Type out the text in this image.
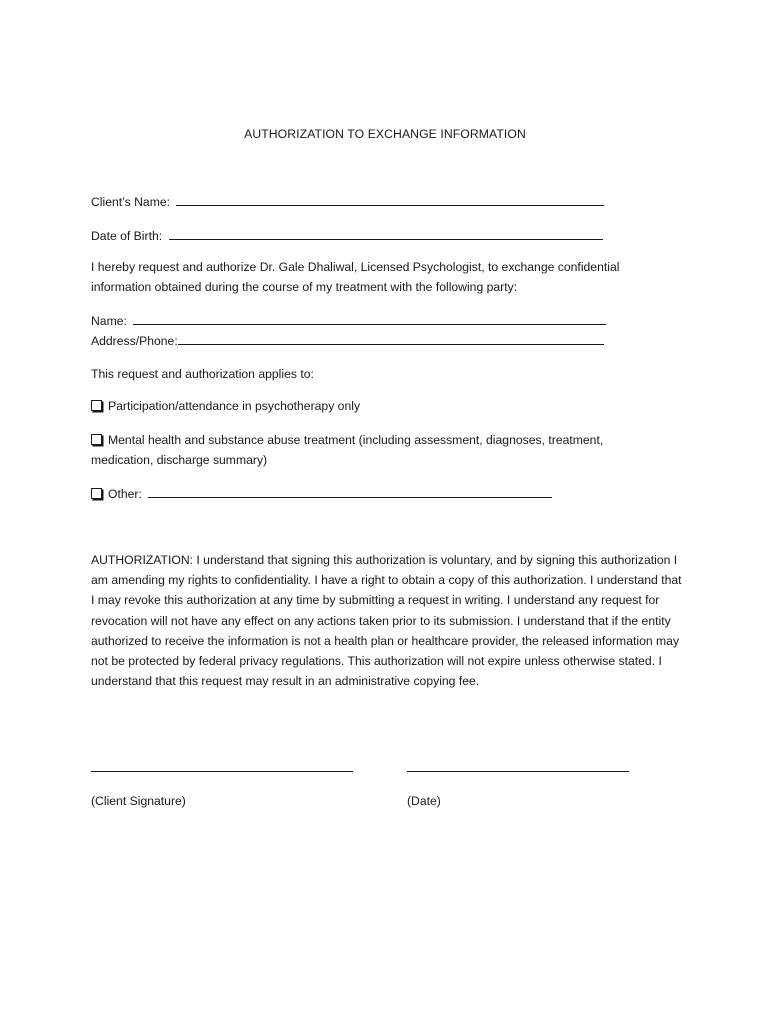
AUTHORIZATION TO EXCHANGE INFORMATION
Client’s Name:
Date of Birth:
I hereby request and authorize Dr. Gale Dhaliwal, Licensed Psychologist, to exchange confidential information obtained during the course of my treatment with the following party:
Name:
Address/Phone:
This request and authorization applies to:
Participation/attendance in psychotherapy only
Mental health and substance abuse treatment (including assessment, diagnoses, treatment, medication, discharge summary)
Other:
AUTHORIZATION: I understand that signing this authorization is voluntary, and by signing this authorization I am amending my rights to confidentiality. I have a right to obtain a copy of this authorization. I understand that I may revoke this authorization at any time by submitting a request in writing. I understand any request for revocation will not have any effect on any actions taken prior to its submission. I understand that if the entity authorized to receive the information is not a health plan or healthcare provider, the released information may not be protected by federal privacy regulations. This authorization will not expire unless otherwise stated. I understand that this request may result in an administrative copying fee.
(Client Signature)	(Date)
